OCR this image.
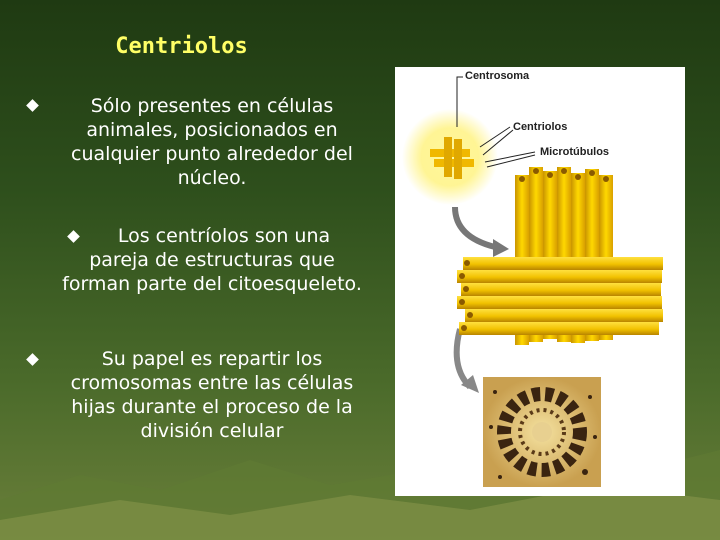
Centriolos
Sólo presentes en células animales, posicionados en cualquier punto alrededor del núcleo.
Los centríolos son una pareja de estructuras que forman parte del citoesqueleto.
Su papel es repartir los cromosomas entre las células hijas durante el proceso de la división celular
Centrosoma
Centriolos
Microtúbulos
